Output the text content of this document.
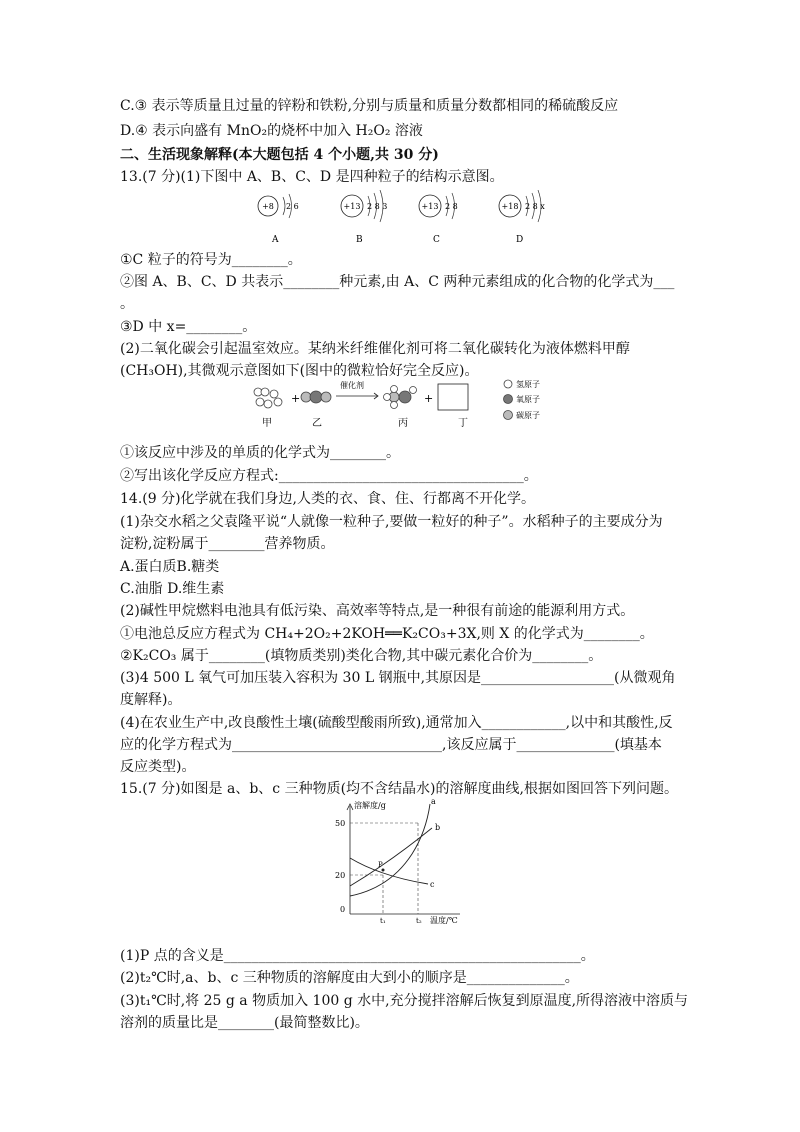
C.③ 表示等质量且过量的锌粉和铁粉,分别与质量和质量分数都相同的稀硫酸反应
D.④ 表示向盛有 MnO₂的烧杯中加入 H₂O₂ 溶液
二、生活现象解释(本大题包括 4 个小题,共 30 分)
13.(7 分)(1)下图中 A、B、C、D 是四种粒子的结构示意图。
+8 2 6
A
+13 2 8 3
B
+13 2 8
C
+18 2 8 x
D
①C 粒子的符号为________。
②图 A、B、C、D 共表示________种元素,由 A、C 两种元素组成的化合物的化学式为___
。
③D 中 x=________。
(2)二氧化碳会引起温室效应。某纳米纤维催化剂可将二氧化碳转化为液体燃料甲醇
(CH₃OH),其微观示意图如下(图中的微粒恰好完全反应)。
甲
+
乙
催化剂
丙
+
丁
氢原子
氧原子
碳原子
①该反应中涉及的单质的化学式为________。
②写出该化学反应方程式:___________________________________。
14.(9 分)化学就在我们身边,人类的衣、食、住、行都离不开化学。
(1)杂交水稻之父袁隆平说“人就像一粒种子,要做一粒好的种子”。水稻种子的主要成分为
淀粉,淀粉属于________营养物质。
A.蛋白质B.糖类
C.油脂 D.维生素
(2)碱性甲烷燃料电池具有低污染、高效率等特点,是一种很有前途的能源利用方式。
①电池总反应方程式为 CH₄+2O₂+2KOH══K₂CO₃+3X,则 X 的化学式为________。
②K₂CO₃ 属于________(填物质类别)类化合物,其中碳元素化合价为________。
(3)4 500 L 氧气可加压装入容积为 30 L 钢瓶中,其原因是___________________(从微观角
度解释)。
(4)在农业生产中,改良酸性土壤(硫酸型酸雨所致),通常加入____________,以中和其酸性,反
应的化学方程式为______________________________,该反应属于______________(填基本
反应类型)。
15.(7 分)如图是 a、b、c 三种物质(均不含结晶水)的溶解度曲线,根据如图回答下列问题。
溶解度/g
50
20
0
P
a
b
c
t₁	t₂ 温度/℃
(1)P 点的含义是___________________________________________________。
(2)t₂℃时,a、b、c 三种物质的溶解度由大到小的顺序是______________。
(3)t₁℃时,将 25 g a 物质加入 100 g 水中,充分搅拌溶解后恢复到原温度,所得溶液中溶质与
溶剂的质量比是________(最简整数比)。
